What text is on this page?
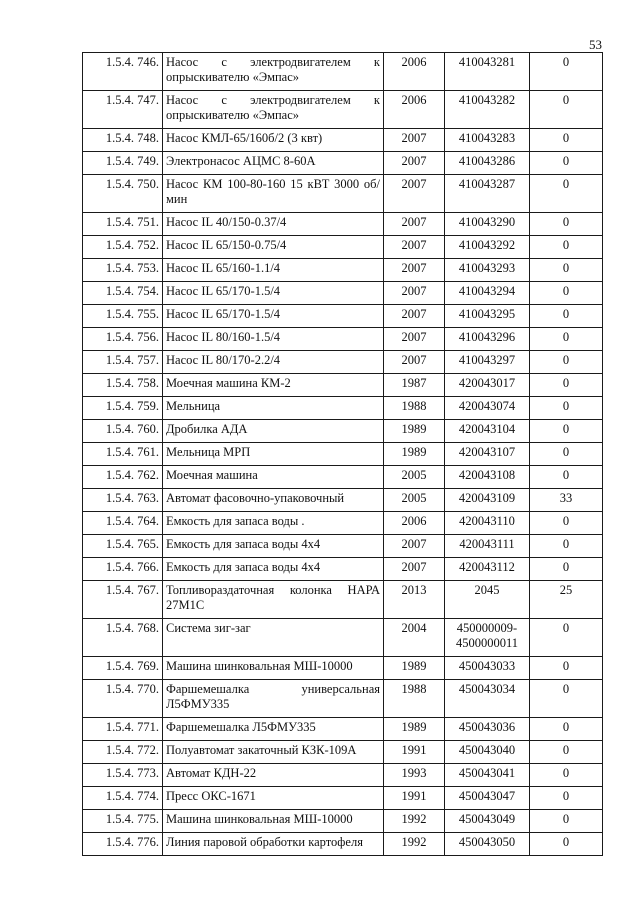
53
1.5.4. 746.	Насос с электродвигателем к опрыскивателю «Эмпас»	2006	410043281	0
1.5.4. 747.	Насос с электродвигателем к опрыскивателю «Эмпас»	2006	410043282	0
1.5.4. 748.	Насос КМЛ-65/160б/2 (3 квт)	2007	410043283	0
1.5.4. 749.	Электронасос АЦМС 8-60А	2007	410043286	0
1.5.4. 750.	Насос КМ 100-80-160 15 кВТ 3000 об/мин	2007	410043287	0
1.5.4. 751.	Насос IL 40/150-0.37/4	2007	410043290	0
1.5.4. 752.	Насос IL 65/150-0.75/4	2007	410043292	0
1.5.4. 753.	Насос IL 65/160-1.1/4	2007	410043293	0
1.5.4. 754.	Насос IL 65/170-1.5/4	2007	410043294	0
1.5.4. 755.	Насос IL 65/170-1.5/4	2007	410043295	0
1.5.4. 756.	Насос IL 80/160-1.5/4	2007	410043296	0
1.5.4. 757.	Насос IL 80/170-2.2/4	2007	410043297	0
1.5.4. 758.	Моечная машина КМ-2	1987	420043017	0
1.5.4. 759.	Мельница	1988	420043074	0
1.5.4. 760.	Дробилка АДА	1989	420043104	0
1.5.4. 761.	Мельница МРП	1989	420043107	0
1.5.4. 762.	Моечная машина	2005	420043108	0
1.5.4. 763.	Автомат фасовочно-упаковочный	2005	420043109	33
1.5.4. 764.	Емкость для запаса воды .	2006	420043110	0
1.5.4. 765.	Емкость для запаса воды 4х4	2007	420043111	0
1.5.4. 766.	Емкость для запаса воды 4х4	2007	420043112	0
1.5.4. 767.	Топливораздаточная колонка НАРА 27М1С	2013	2045	25
1.5.4. 768.	Система зиг-заг	2004	450000009-4500000011	0
1.5.4. 769.	Машина шинковальная МШ-10000	1989	450043033	0
1.5.4. 770.	Фаршемешалка универсальная Л5ФМУ335	1988	450043034	0
1.5.4. 771.	Фаршемешалка Л5ФМУ335	1989	450043036	0
1.5.4. 772.	Полуавтомат закаточный КЗК-109А	1991	450043040	0
1.5.4. 773.	Автомат КДН-22	1993	450043041	0
1.5.4. 774.	Пресс ОКС-1671	1991	450043047	0
1.5.4. 775.	Машина шинковальная МШ-10000	1992	450043049	0
1.5.4. 776.	Линия паровой обработки картофеля	1992	450043050	0
